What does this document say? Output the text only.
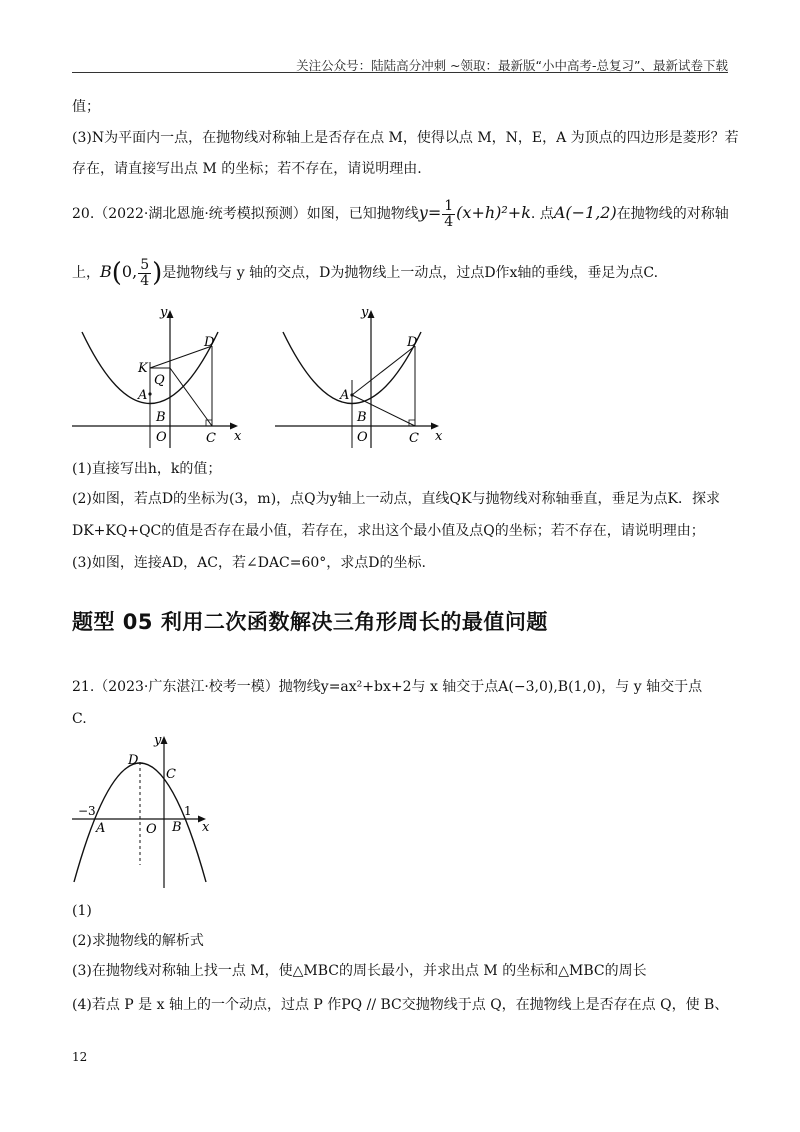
关注公众号：陆陆高分冲刺 ~领取：最新版“小中高考-总复习”、最新试卷下载
值；
(3)N为平面内一点，在抛物线对称轴上是否存在点 M，使得以点 M，N，E，A 为顶点的四边形是菱形？若
存在，请直接写出点 M 的坐标；若不存在，请说明理由.
20.（2022·湖北恩施·统考模拟预测）如图，已知抛物线$y= \frac{1}{4} (x+h)^2+k$. 点A(−1,2)在抛物线的对称轴
上，B(0, $\frac{5}{4}$ )是抛物线与 y 轴的交点，D为抛物线上一动点，过点D作x轴的垂线，垂足为点C.
y
x
O
D
K
Q
A
B
C
y
x
O
D
A
B
C
(1)直接写出h，k的值；
(2)如图，若点D的坐标为(3，m)，点Q为y轴上一动点，直线QK与抛物线对称轴垂直，垂足为点K．探求
DK+KQ+QC的值是否存在最小值，若存在，求出这个最小值及点Q的坐标；若不存在，请说明理由；
(3)如图，连接AD，AC，若∠DAC=60°，求点D的坐标.
题型 05 利用二次函数解决三角形周长的最值问题
21.（2023·广东湛江·校考一模）抛物线y=ax²+bx+2与 x 轴交于点A(−3,0),B(1,0)，与 y 轴交于点
C.
y
x
O
D
C
A	B
−3	1
(1)
(2)求抛物线的解析式
(3)在抛物线对称轴上找一点 M，使△MBC的周长最小，并求出点 M 的坐标和△MBC的周长
(4)若点 P 是 x 轴上的一个动点，过点 P 作PQ // BC交抛物线于点 Q，在抛物线上是否存在点 Q，使 B、
12
